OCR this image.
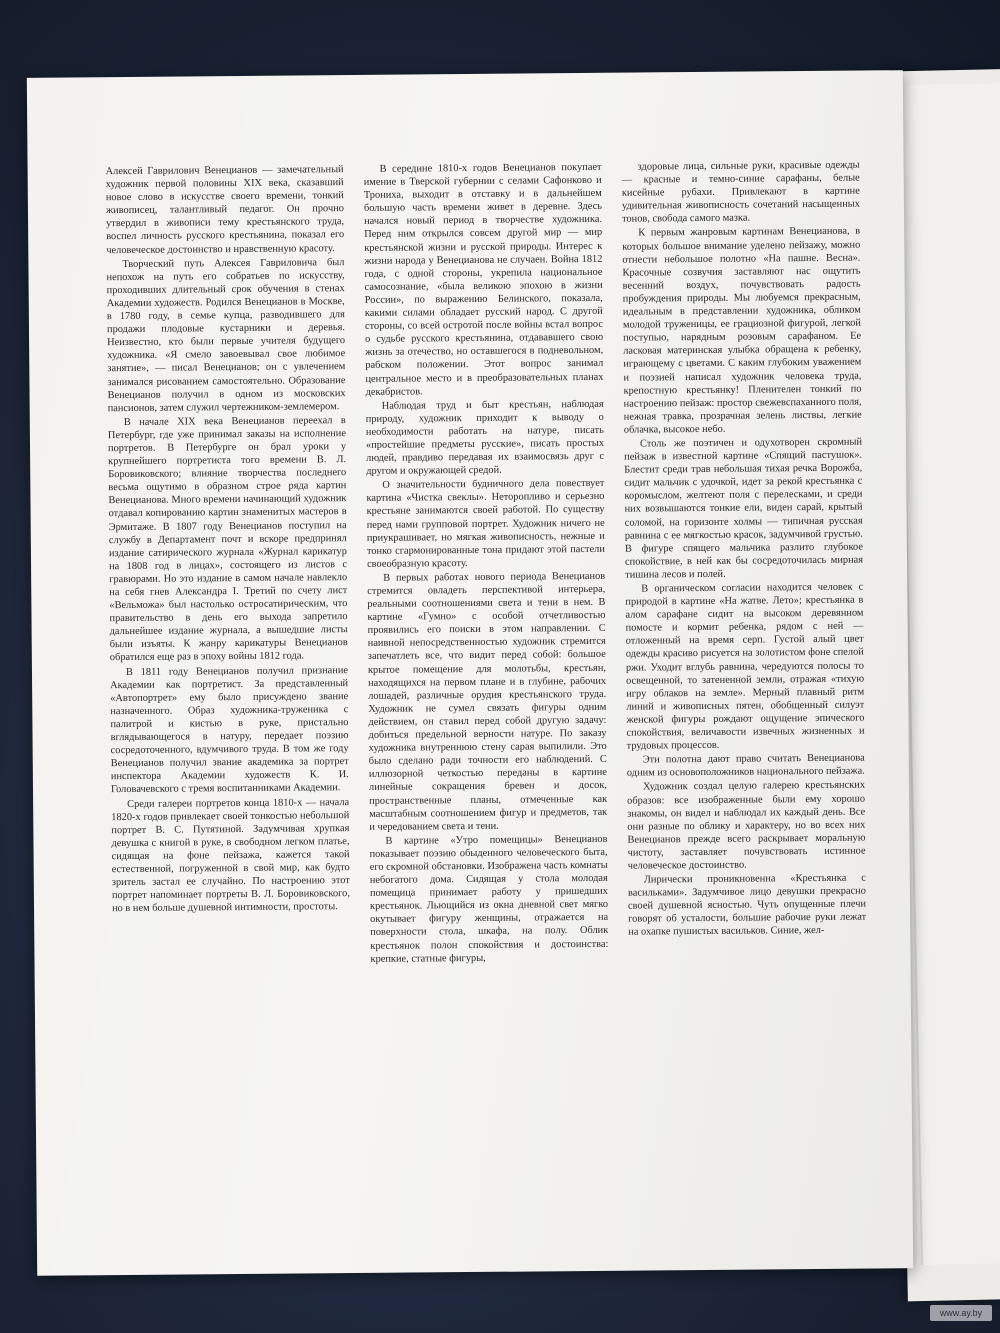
Алексей Гаврилович Венецианов — замечательный художник первой половины XIX века, сказавший новое слово в искусстве своего времени, тонкий живописец, талантливый педагог. Он прочно утвердил в живописи тему крестьянского труда, воспел личность русского крестьянина, показал его человеческое достоинство и нравственную красоту.

Творческий путь Алексея Гавриловича был непохож на путь его собратьев по искусству, проходивших длительный срок обучения в стенах Академии художеств. Родился Венецианов в Москве, в 1780 году, в семье купца, разводившего для продажи плодовые кустарники и деревья. Неизвестно, кто были первые учителя будущего художника. «Я смело завоевывал свое любимое занятие», — писал Венецианов; он с увлечением занимался рисованием самостоятельно. Образование Венецианов получил в одном из московских пансионов, затем служил чертежником-землемером.

В начале XIX века Венецианов переехал в Петербург, где уже принимал заказы на исполнение портретов. В Петербурге он брал уроки у крупнейшего портретиста того времени В. Л. Боровиковского; влияние творчества последнего весьма ощутимо в образном строе ряда картин Венецианова. Много времени начинающий художник отдавал копированию картин знаменитых мастеров в Эрмитаже. В 1807 году Венецианов поступил на службу в Департамент почт и вскоре предпринял издание сатирического журнала «Журнал карикатур на 1808 год в лицах», состоящего из листов с гравюрами. Но это издание в самом начале навлекло на себя гнев Александра I. Третий по счету лист «Вельможа» был настолько остросатирическим, что правительство в день его выхода запретило дальнейшее издание журнала, а вышедшие листы были изъяты. К жанру карикатуры Венецианов обратился еще раз в эпоху войны 1812 года.

В 1811 году Венецианов получил признание Академии как портретист. За представленный «Автопортрет» ему было присуждено звание назначенного. Образ художника-труженика с палитрой и кистью в руке, пристально вглядывающегося в натуру, передает поэзию сосредоточенного, вдумчивого труда. В том же году Венецианов получил звание академика за портрет инспектора Академии художеств К. И. Головачевского с тремя воспитанниками Академии.

Среди галереи портретов конца 1810-х — начала 1820-х годов привлекает своей тонкостью небольшой портрет В. С. Путятиной. Задумчивая хрупкая девушка с книгой в руке, в свободном легком платье, сидящая на фоне пейзажа, кажется такой естественной, погруженной в свой мир, как будто зритель застал ее случайно. По настроению этот портрет напоминает портреты В. Л. Боровиковского, но в нем больше душевной интимности, простоты.

В середине 1810-х годов Венецианов покупает имение в Тверской губернии с селами Сафонково и Трониха, выходит в отставку и в дальнейшем большую часть времени живет в деревне. Здесь начался новый период в творчестве художника. Перед ним открылся совсем другой мир — мир крестьянской жизни и русской природы. Интерес к жизни народа у Венецианова не случаен. Война 1812 года, с одной стороны, укрепила национальное самосознание, «была великою эпохою в жизни России», по выражению Белинского, показала, какими силами обладает русский народ. С другой стороны, со всей остротой после войны встал вопрос о судьбе русского крестьянина, отдававшего свою жизнь за отечество, но оставшегося в подневольном, рабском положении. Этот вопрос занимал центральное место и в преобразовательных планах декабристов.

Наблюдая труд и быт крестьян, наблюдая природу, художник приходит к выводу о необходимости работать на натуре, писать «простейшие предметы русские», писать простых людей, правдиво передавая их взаимосвязь друг с другом и окружающей средой.

О значительности будничного дела повествует картина «Чистка свеклы». Неторопливо и серьезно крестьяне занимаются своей работой. По существу перед нами групповой портрет. Художник ничего не приукрашивает, но мягкая живописность, нежные и тонко сгармонированные тона придают этой пастели своеобразную красоту.

В первых работах нового периода Венецианов стремится овладеть перспективой интерьера, реальными соотношениями света и тени в нем. В картине «Гумно» с особой отчетливостью проявились его поиски в этом направлении. С наивной непосредственностью художник стремится запечатлеть все, что видит перед собой: большое крытое помещение для молотьбы, крестьян, находящихся на первом плане и в глубине, рабочих лошадей, различные орудия крестьянского труда. Художник не сумел связать фигуры одним действием, он ставил перед собой другую задачу: добиться предельной верности натуре. По заказу художника внутреннюю стену сарая выпилили. Это было сделано ради точности его наблюдений. С иллюзорной четкостью переданы в картине линейные сокращения бревен и досок, пространственные планы, отмеченные как масштабным соотношением фигур и предметов, так и чередованием света и тени.

В картине «Утро помещицы» Венецианов показывает поэзию обыденного человеческого быта, его скромной обстановки. Изображена часть комнаты небогатого дома. Сидящая у стола молодая помещица принимает работу у пришедших крестьянок. Льющийся из окна дневной свет мягко окутывает фигуру женщины, отражается на поверхности стола, шкафа, на полу. Облик крестьянок полон спокойствия и достоинства: крепкие, статные фигуры,

здоровые лица, сильные руки, красивые одежды — красные и темно-синие сарафаны, белые кисейные рубахи. Привлекают в картине удивительная живописность сочетаний насыщенных тонов, свобода самого мазка.

К первым жанровым картинам Венецианова, в которых большое внимание уделено пейзажу, можно отнести небольшое полотно «На пашне. Весна». Красочные созвучия заставляют нас ощутить весенний воздух, почувствовать радость пробуждения природы. Мы любуемся прекрасным, идеальным в представлении художника, обликом молодой труженицы, ее грациозной фигурой, легкой поступью, нарядным розовым сарафаном. Ее ласковая материнская улыбка обращена к ребенку, играющему с цветами. С каким глубоким уважением и поэзией написал художник человека труда, крепостную крестьянку! Пленителен тонкий по настроению пейзаж: простор свежевспаханного поля, нежная травка, прозрачная зелень листвы, легкие облачка, высокое небо.

Столь же поэтичен и одухотворен скромный пейзаж в известной картине «Спящий пастушок». Блестит среди трав небольшая тихая речка Ворожба, сидит мальчик с удочкой, идет за рекой крестьянка с коромыслом, желтеют поля с перелесками, и среди них возвышаются тонкие ели, виден сарай, крытый соломой, на горизонте холмы — типичная русская равнина с ее мягкостью красок, задумчивой грустью. В фигуре спящего мальчика разлито глубокое спокойствие, в ней как бы сосредоточилась мирная тишина лесов и полей.

В органическом согласии находится человек с природой в картине «На жатве. Лето»; крестьянка в алом сарафане сидит на высоком деревянном помосте и кормит ребенка, рядом с ней — отложенный на время серп. Густой алый цвет одежды красиво рисуется на золотистом фоне спелой ржи. Уходит вглубь равнина, чередуются полосы то освещенной, то затененной земли, отражая «тихую игру облаков на земле». Мерный плавный ритм линий и живописных пятен, обобщенный силуэт женской фигуры рождают ощущение эпического спокойствия, величавости извечных жизненных и трудовых процессов.

Эти полотна дают право считать Венецианова одним из основоположников национального пейзажа.

Художник создал целую галерею крестьянских образов: все изображенные были ему хорошо знакомы, он видел и наблюдал их каждый день. Все они разные по облику и характеру, но во всех них Венецианов прежде всего раскрывает моральную чистоту, заставляет почувствовать истинное человеческое достоинство.

Лирически проникновенна «Крестьянка с васильками». Задумчивое лицо девушки прекрасно своей душевной ясностью. Чуть опущенные плечи говорят об усталости, большие рабочие руки лежат на охапке пушистых васильков. Синие, жел-

www.ay.by
